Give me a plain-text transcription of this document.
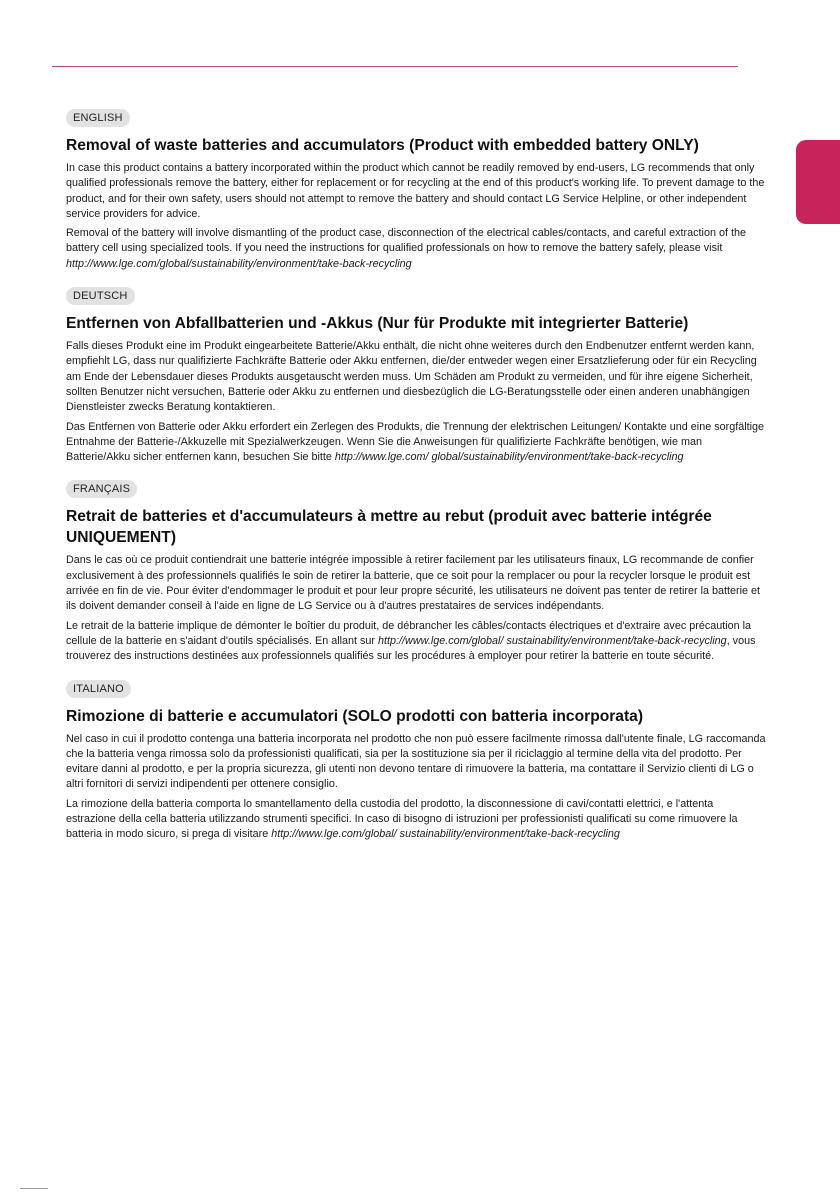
ENGLISH
Removal of waste batteries and accumulators (Product with embedded battery ONLY)

In case this product contains a battery incorporated within the product which cannot be readily removed by end-users, LG recommends that only qualified professionals remove the battery, either for replacement or for recycling at the end of this product's working life. To prevent damage to the product, and for their own safety, users should not attempt to remove the battery and should contact LG Service Helpline, or other independent service providers for advice.

Removal of the battery will involve dismantling of the product case, disconnection of the electrical cables/contacts, and careful extraction of the battery cell using specialized tools. If you need the instructions for qualified professionals on how to remove the battery safely, please visit http://www.lge.com/global/sustainability/environment/take-back-recycling

DEUTSCH
Entfernen von Abfallbatterien und -Akkus (Nur für Produkte mit integrierter Batterie)

Falls dieses Produkt eine im Produkt eingearbeitete Batterie/Akku enthält, die nicht ohne weiteres durch den Endbenutzer entfernt werden kann, empfiehlt LG, dass nur qualifizierte Fachkräfte Batterie oder Akku entfernen, die/der entweder wegen einer Ersatzlieferung oder für ein Recycling am Ende der Lebensdauer dieses Produkts ausgetauscht werden muss. Um Schäden am Produkt zu vermeiden, und für ihre eigene Sicherheit, sollten Benutzer nicht versuchen, Batterie oder Akku zu entfernen und diesbezüglich die LG-Beratungsstelle oder einen anderen unabhängigen Dienstleister zwecks Beratung kontaktieren.

Das Entfernen von Batterie oder Akku erfordert ein Zerlegen des Produkts, die Trennung der elektrischen Leitungen/ Kontakte und eine sorgfältige Entnahme der Batterie-/Akkuzelle mit Spezialwerkzeugen. Wenn Sie die Anweisungen für qualifizierte Fachkräfte benötigen, wie man Batterie/Akku sicher entfernen kann, besuchen Sie bitte http://www.lge.com/ global/sustainability/environment/take-back-recycling

FRANÇAIS
Retrait de batteries et d'accumulateurs à mettre au rebut (produit avec batterie intégrée UNIQUEMENT)

Dans le cas où ce produit contiendrait une batterie intégrée impossible à retirer facilement par les utilisateurs finaux, LG recommande de confier exclusivement à des professionnels qualifiés le soin de retirer la batterie, que ce soit pour la remplacer ou pour la recycler lorsque le produit est arrivée en fin de vie. Pour éviter d'endommager le produit et pour leur propre sécurité, les utilisateurs ne doivent pas tenter de retirer la batterie et ils doivent demander conseil à l'aide en ligne de LG Service ou à d'autres prestataires de services indépendants.

Le retrait de la batterie implique de démonter le boîtier du produit, de débrancher les câbles/contacts électriques et d'extraire avec précaution la cellule de la batterie en s'aidant d'outils spécialisés. En allant sur http://www.lge.com/global/ sustainability/environment/take-back-recycling, vous trouverez des instructions destinées aux professionnels qualifiés sur les procédures à employer pour retirer la batterie en toute sécurité.

ITALIANO
Rimozione di batterie e accumulatori (SOLO prodotti con batteria incorporata)

Nel caso in cui il prodotto contenga una batteria incorporata nel prodotto che non può essere facilmente rimossa dall'utente finale, LG raccomanda che la batteria venga rimossa solo da professionisti qualificati, sia per la sostituzione sia per il riciclaggio al termine della vita del prodotto. Per evitare danni al prodotto, e per la propria sicurezza, gli utenti non devono tentare di rimuovere la batteria, ma contattare il Servizio clienti di LG o altri fornitori di servizi indipendenti per ottenere consiglio.

La rimozione della batteria comporta lo smantellamento della custodia del prodotto, la disconnessione di cavi/contatti elettrici, e l'attenta estrazione della cella batteria utilizzando strumenti specifici. In caso di bisogno di istruzioni per professionisti qualificati su come rimuovere la batteria in modo sicuro, si prega di visitare http://www.lge.com/global/ sustainability/environment/take-back-recycling
